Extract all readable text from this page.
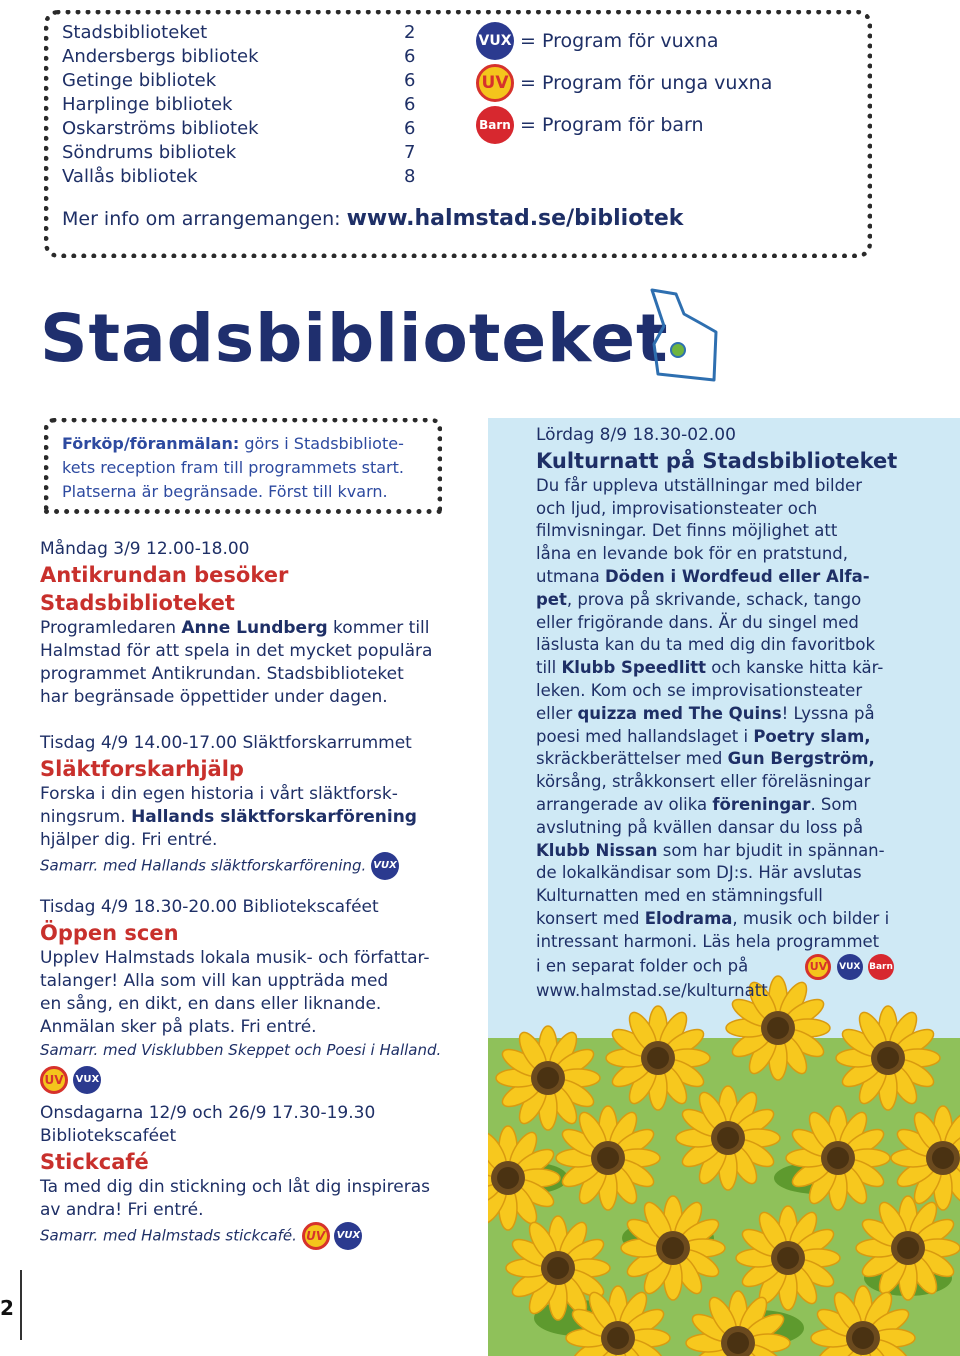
Stadsbiblioteket	2
Andersbergs bibliotek	6
Getinge bibliotek	6
Harplinge bibliotek	6
Oskarströms bibliotek	6
Söndrums bibliotek	7
Vallås bibliotek	8
VUX = Program för vuxna
UV = Program för unga vuxna
Barn = Program för barn
Mer info om arrangemangen: www.halmstad.se/bibliotek
Stadsbiblioteket
Förköp/föranmälan: görs i Stadsbibliote-
kets reception fram till programmets start.
Platserna är begränsade. Först till kvarn.
Måndag 3/9 12.00-18.00
Antikrundan besöker
Stadsbiblioteket
Programledaren Anne Lundberg kommer till
Halmstad för att spela in det mycket populära
programmet Antikrundan. Stadsbiblioteket
har begränsade öppettider under dagen.
Tisdag 4/9 14.00-17.00 Släktforskarrummet
Släktforskarhjälp
Forska i din egen historia i vårt släktforsk-
ningsrum. Hallands släktforskarförening
hjälper dig. Fri entré.
Samarr. med Hallands släktforskarförening. VUX
Tisdag 4/9 18.30-20.00 Bibliotekscaféet
Öppen scen
Upplev Halmstads lokala musik- och författar-
talanger! Alla som vill kan uppträda med
en sång, en dikt, en dans eller liknande.
Anmälan sker på plats. Fri entré.
Samarr. med Visklubben Skeppet och Poesi i Halland.
UV VUX
Onsdagarna 12/9 och 26/9 17.30-19.30
Bibliotekscaféet
Stickcafé
Ta med dig din stickning och låt dig inspireras
av andra! Fri entré.
Samarr. med Halmstads stickcafé. UV VUX
Lördag 8/9 18.30-02.00
Kulturnatt på Stadsbiblioteket
Du får uppleva utställningar med bilder
och ljud, improvisationsteater och
filmvisningar. Det finns möjlighet att
låna en levande bok för en pratstund,
utmana Döden i Wordfeud eller Alfa-
pet, prova på skrivande, schack, tango
eller frigörande dans. Är du singel med
läslusta kan du ta med dig din favoritbok
till Klubb Speedlitt och kanske hitta kär-
leken. Kom och se improvisationsteater
eller quizza med The Quins! Lyssna på
poesi med hallandslaget i Poetry slam,
skräckberättelser med Gun Bergström,
körsång, stråkkonsert eller föreläsningar
arrangerade av olika föreningar. Som
avslutning på kvällen dansar du loss på
Klubb Nissan som har bjudit in spännan-
de lokalkändisar som DJ:s. Här avslutas
Kulturnatten med en stämningsfull
konsert med Elodrama, musik och bilder i
intressant harmoni. Läs hela programmet
i en separat folder och på	UV VUX Barn
www.halmstad.se/kulturnatt
2
